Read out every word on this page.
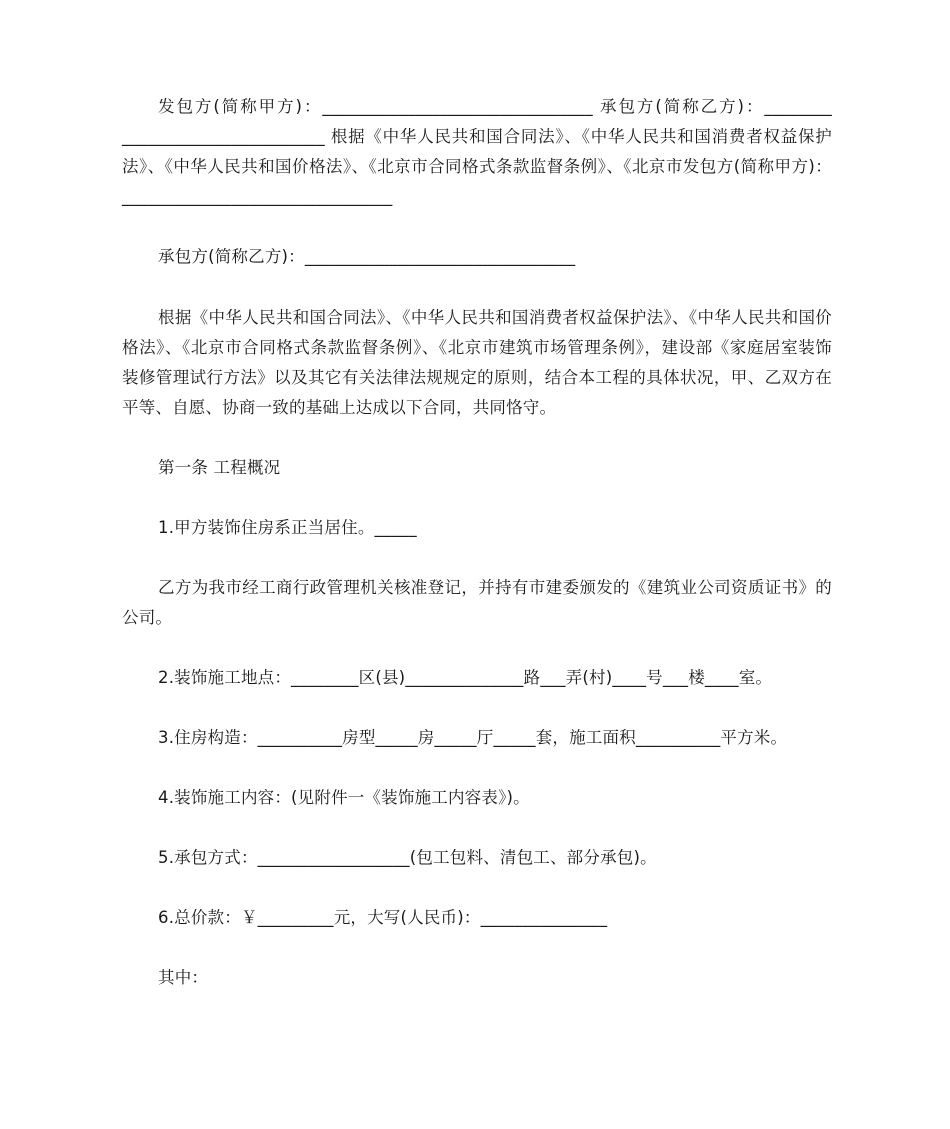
发包方(简称甲方)：________________________________ 承包方(简称乙方)：________ ________________________ 根据《中华人民共和国合同法》、《中华人民共和国消费者权益保护法》、《中华人民共和国价格法》、《北京市合同格式条款监督条例》、《北京市发包方(简称甲方)：________________________________

承包方(简称乙方)：________________________________

根据《中华人民共和国合同法》、《中华人民共和国消费者权益保护法》、《中华人民共和国价格法》、《北京市合同格式条款监督条例》、《北京市建筑市场管理条例》，建设部《家庭居室装饰装修管理试行方法》以及其它有关法律法规规定的原则，结合本工程的具体状况，甲、乙双方在平等、自愿、协商一致的基础上达成以下合同，共同恪守。

第一条 工程概况

1.甲方装饰住房系正当居住。_____

乙方为我市经工商行政管理机关核准登记，并持有市建委颁发的《建筑业公司资质证书》的公司。

2.装饰施工地点：________区(县)______________路___弄(村)____号___楼____室。

3.住房构造：__________房型_____房_____厅_____套，施工面积__________平方米。

4.装饰施工内容：(见附件一《装饰施工内容表》)。

5.承包方式：__________________(包工包料、清包工、部分承包)。

6.总价款：￥_________元，大写(人民币)：_______________

其中：
